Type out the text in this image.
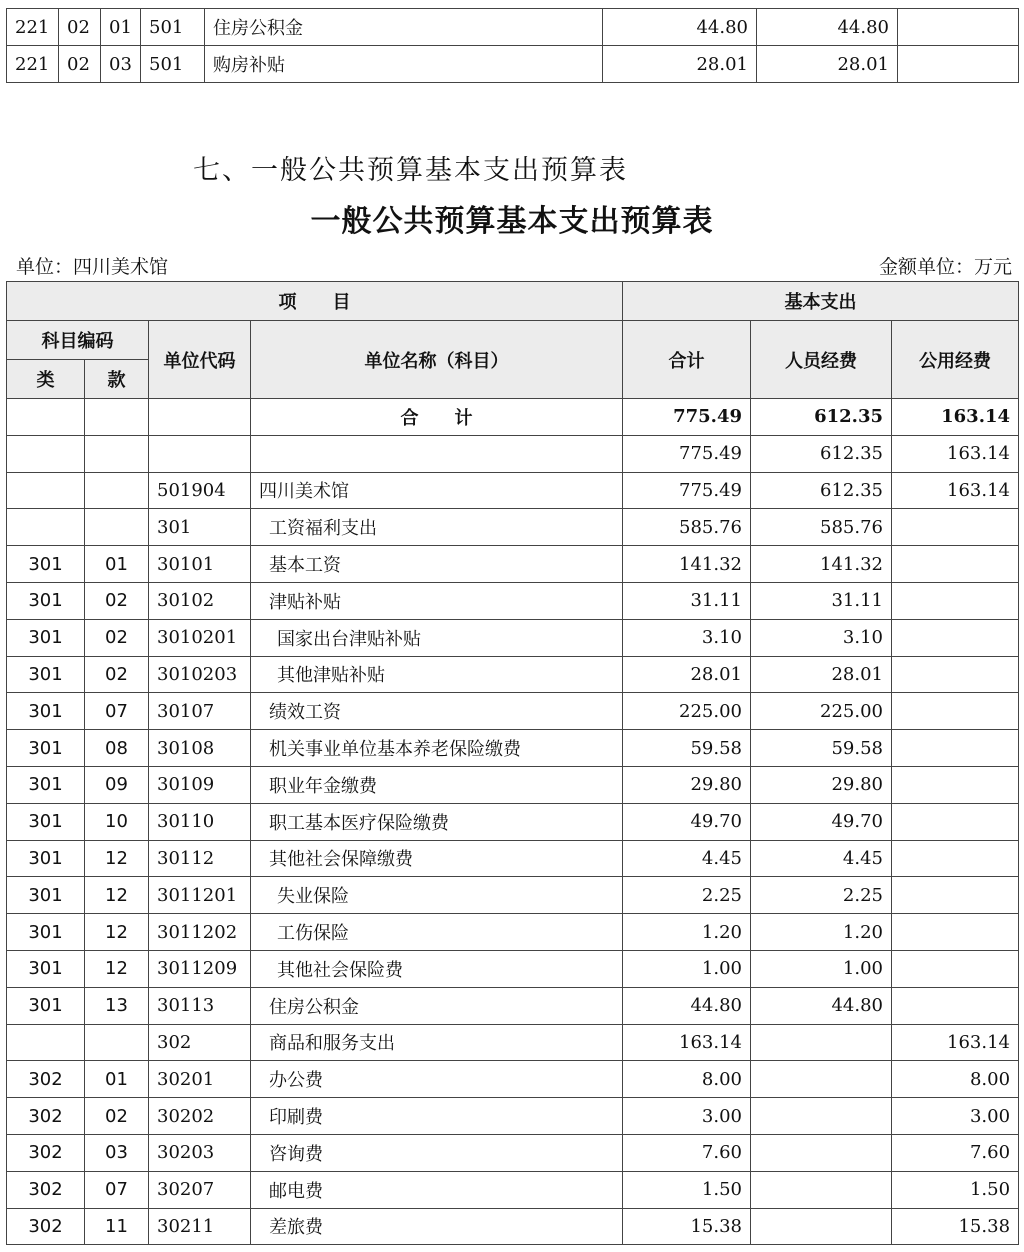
221	02	01	501	住房公积金	44.80	44.80	
221	02	03	501	购房补贴	28.01	28.01	
七、一般公共预算基本支出预算表
一般公共预算基本支出预算表
单位：四川美术馆	金额单位：万元
项　　目				基本支出		
科目编码		单位代码	单位名称（科目）	合计	人员经费	公用经费
类	款					
			合　　计	775.49	612.35	163.14
				775.49	612.35	163.14
		501904	四川美术馆	775.49	612.35	163.14
		301	工资福利支出	585.76	585.76	
301	01	30101	基本工资	141.32	141.32	
301	02	30102	津贴补贴	31.11	31.11	
301	02	3010201	国家出台津贴补贴	3.10	3.10	
301	02	3010203	其他津贴补贴	28.01	28.01	
301	07	30107	绩效工资	225.00	225.00	
301	08	30108	机关事业单位基本养老保险缴费	59.58	59.58	
301	09	30109	职业年金缴费	29.80	29.80	
301	10	30110	职工基本医疗保险缴费	49.70	49.70	
301	12	30112	其他社会保障缴费	4.45	4.45	
301	12	3011201	失业保险	2.25	2.25	
301	12	3011202	工伤保险	1.20	1.20	
301	12	3011209	其他社会保险费	1.00	1.00	
301	13	30113	住房公积金	44.80	44.80	
		302	商品和服务支出	163.14		163.14
302	01	30201	办公费	8.00		8.00
302	02	30202	印刷费	3.00		3.00
302	03	30203	咨询费	7.60		7.60
302	07	30207	邮电费	1.50		1.50
302	11	30211	差旅费	15.38		15.38
